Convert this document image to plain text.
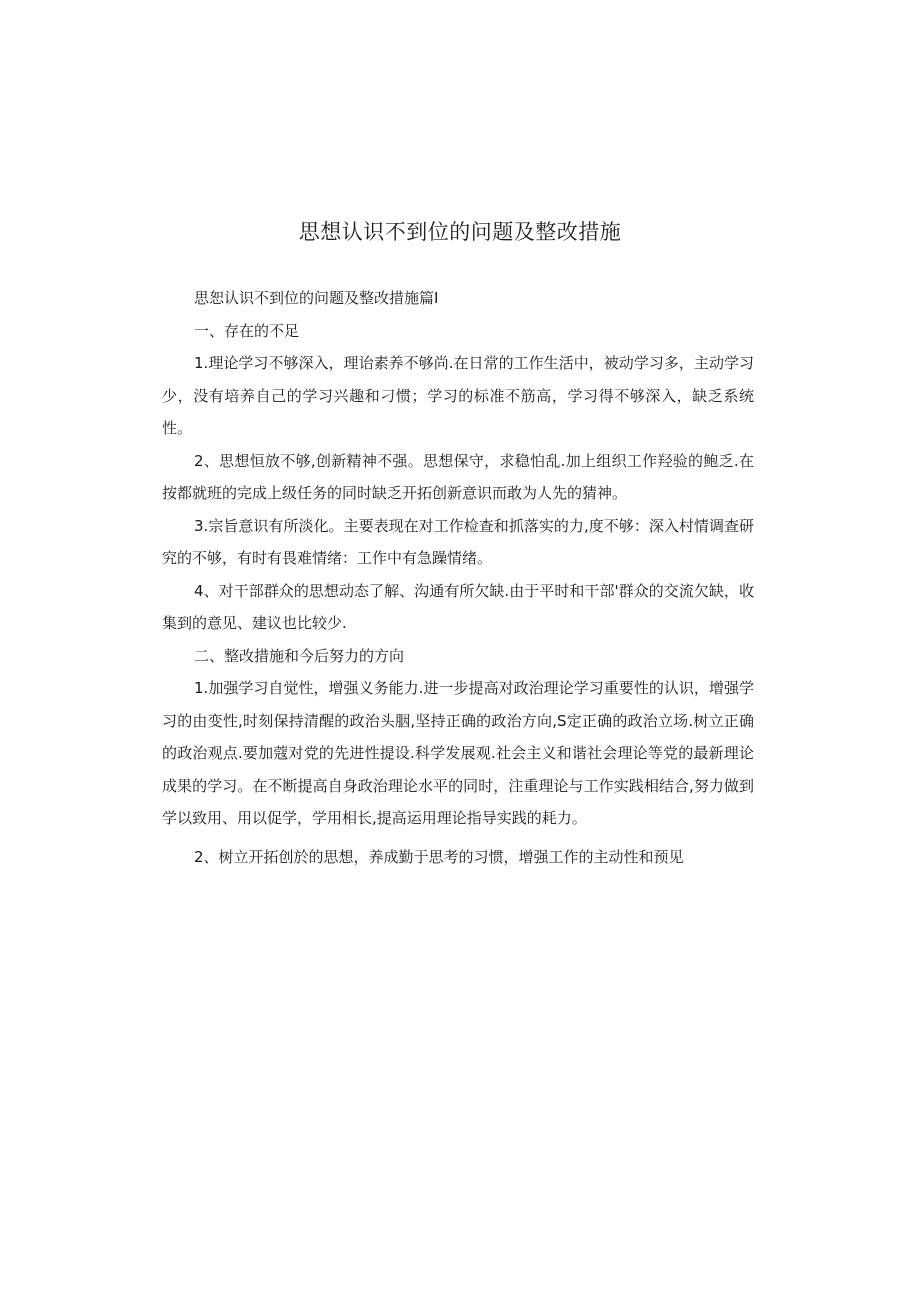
思想认识不到位的问题及整改措施

思恕认识不到位的问题及整改措施篇I

一、存在的不足

1.理论学习不够深入，理诒素养不够尚.在日常的工作生活中，被动学习多，主动学习少，没有培养自己的学习兴趣和刁惯；学习的标准不筋高，学习得不够深入，缺乏系统性。

2、思想恒放不够,创新精神不强。思想保守，求稳怕乱.加上组织工作羟验的鲍乏.在按都就班的完成上级任务的同时缺乏开拓创新意识而敢为人先的猜神。

3.宗旨意识有所淡化。主要表现在对工作检查和抓落实的力,度不够：深入村情调查研究的不够，有时有畏难情绪：工作中有急躁情绪。

4、对干部群众的思想动态了解、沟通有所欠缺.由于平时和干部'群众的交流欠缺，收集到的意见、建议也比较少.

二、整改措施和今后努力的方向

1.加强学习自觉性，增强义务能力.进一步提高对政治理论学习重要性的认识，增强学习的由变性,时刻保持清醒的政治头胭,坚持正确的政治方向,S定正确的政治立场.树立正确的政治观点.要加蔻对党的先进性提设.科学发展观.社会主义和谐社会理论等党的最新理论成果的学习。在不断提高自身政治理论水平的同时，注重理论与工作实践相结合,努力做到学以致用、用以促学，学用相长,提高运用理论指导实践的耗力。

2、树立开拓创於的思想，养成勤于思考的习惯，增强工作的主动性和预见
